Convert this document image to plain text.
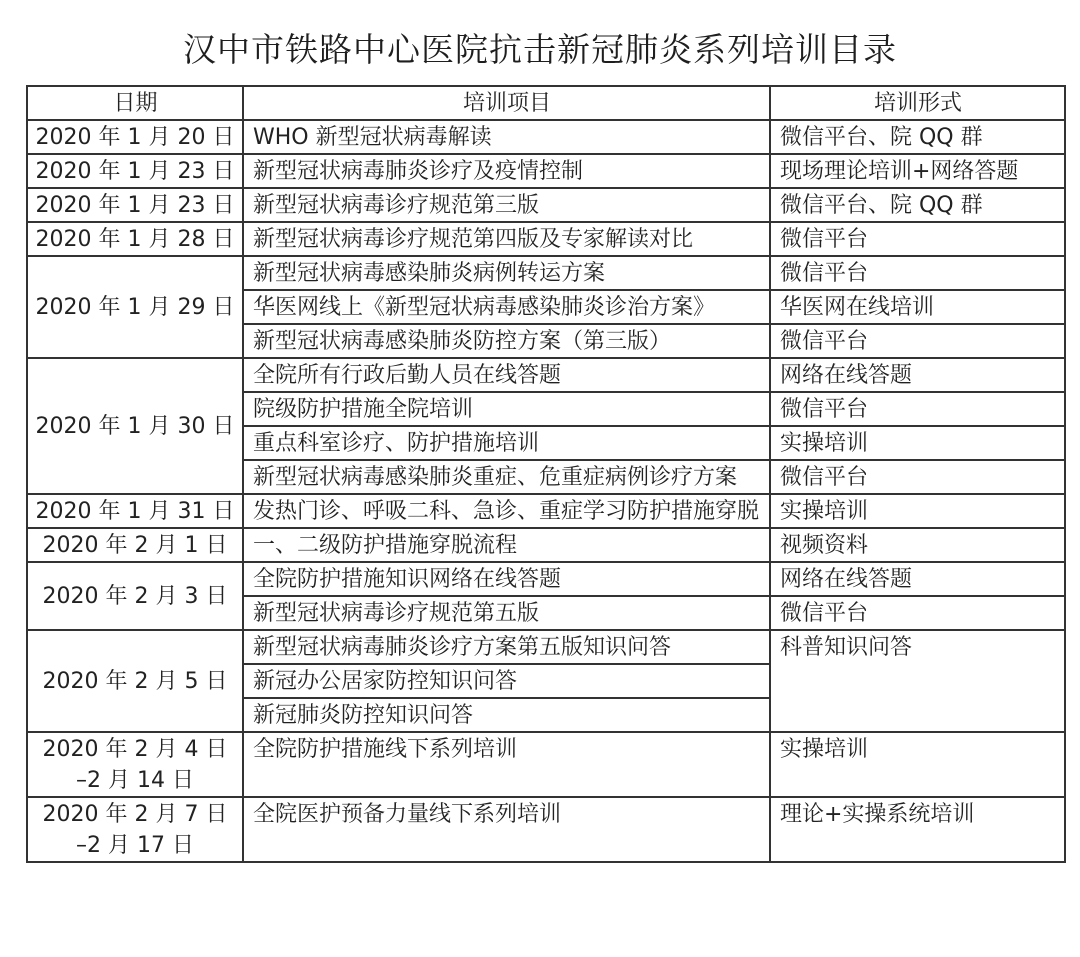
汉中市铁路中心医院抗击新冠肺炎系列培训目录
日期	培训项目	培训形式

2020 年 1 月 20 日	WHO 新型冠状病毒解读	微信平台、院 QQ 群

2020 年 1 月 23 日	新型冠状病毒肺炎诊疗及疫情控制	现场理论培训+网络答题

2020 年 1 月 23 日	新型冠状病毒诊疗规范第三版	微信平台、院 QQ 群

2020 年 1 月 28 日	新型冠状病毒诊疗规范第四版及专家解读对比	微信平台

2020 年 1 月 29 日	新型冠状病毒感染肺炎病例转运方案	微信平台
	华医网线上《新型冠状病毒感染肺炎诊治方案》	华医网在线培训
	新型冠状病毒感染肺炎防控方案（第三版）	微信平台

2020 年 1 月 30 日	全院所有行政后勤人员在线答题	网络在线答题
	院级防护措施全院培训	微信平台
	重点科室诊疗、防护措施培训	实操培训
	新型冠状病毒感染肺炎重症、危重症病例诊疗方案	微信平台

2020 年 1 月 31 日	发热门诊、呼吸二科、急诊、重症学习防护措施穿脱	实操培训

2020 年 2 月 1 日	一、二级防护措施穿脱流程	视频资料

2020 年 2 月 3 日	全院防护措施知识网络在线答题	网络在线答题
	新型冠状病毒诊疗规范第五版	微信平台

2020 年 2 月 5 日	新型冠状病毒肺炎诊疗方案第五版知识问答	科普知识问答
	新冠办公居家防控知识问答	
	新冠肺炎防控知识问答	

2020 年 2 月 4 日
–2 月 14 日	全院防护措施线下系列培训	实操培训

2020 年 2 月 7 日
–2 月 17 日	全院医护预备力量线下系列培训	理论+实操系统培训
